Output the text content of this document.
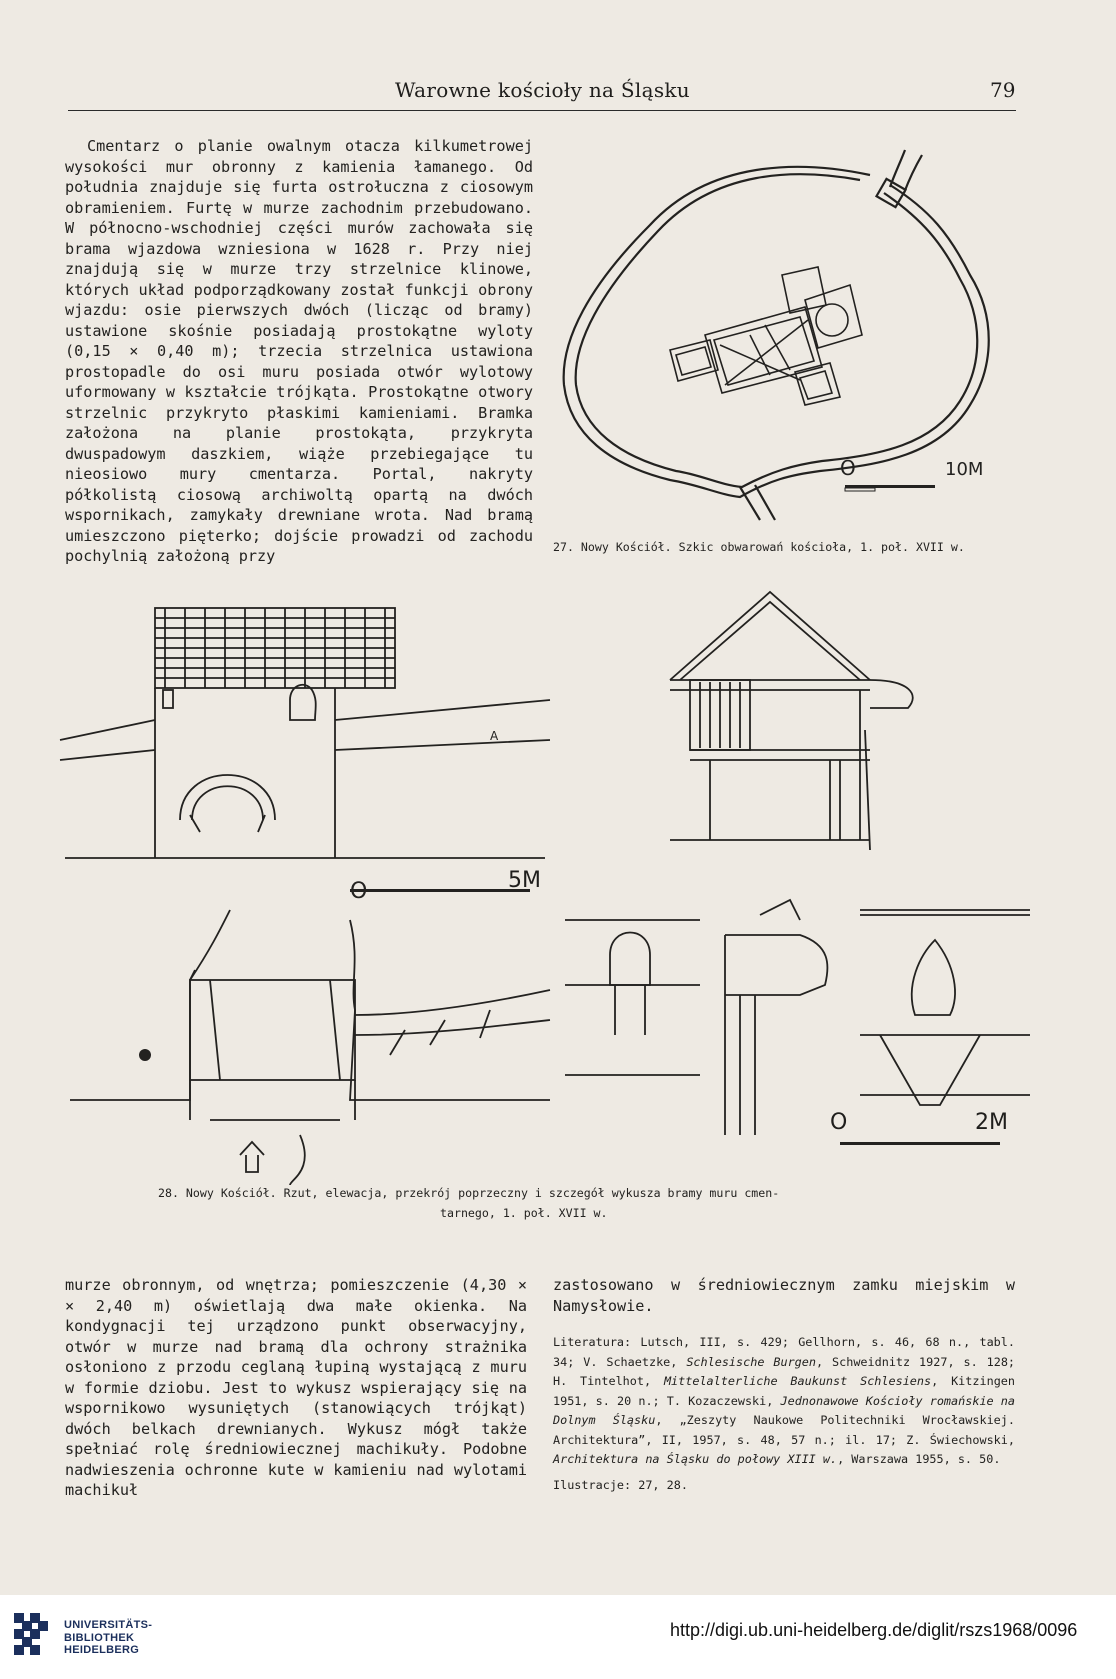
Warowne kościoły na Śląsku	79

Cmentarz o planie owalnym otacza kilkumetrowej wysokości mur obronny z kamienia łamanego. Od południa znajduje się furta ostrołuczna z ciosowym obramieniem. Furtę w murze zachodnim przebudowano. W północno-wschodniej części murów zachowała się brama wjazdowa wzniesiona w 1628 r. Przy niej znajdują się w murze trzy strzelnice klinowe, których układ podporządkowany został funkcji obrony wjazdu: osie pierwszych dwóch (licząc od bramy) ustawione skośnie posiadają prostokątne wyloty (0,15 × 0,40 m); trzecia strzelnica ustawiona prostopadle do osi muru posiada otwór wylotowy uformowany w kształcie trójkąta. Prostokątne otwory strzelnic przykryto płaskimi kamieniami. Bramka założona na planie prostokąta, przykryta dwuspadowym daszkiem, wiąże przebiegające tu nieosiowo mury cmentarza. Portal, nakryty półkolistą ciosową archiwoltą opartą na dwóch wspornikach, zamykały drewniane wrota. Nad bramą umieszczono pięterko; dojście prowadzi od zachodu pochylnią założoną przy

O	10M
27. Nowy Kościół. Szkic obwarowań kościoła, 1. poł. XVII w.
A
5M
O	2M
28. Nowy Kościół. Rzut, elewacja, przekrój poprzeczny i szczegół wykusza bramy muru cmen-
tarnego, 1. poł. XVII w.

murze obronnym, od wnętrza; pomieszczenie (4,30 × × 2,40 m) oświetlają dwa małe okienka. Na kondygnacji tej urządzono punkt obserwacyjny, otwór w murze nad bramą dla ochrony strażnika osłoniono z przodu ceglaną łupiną wystającą z muru w formie dziobu. Jest to wykusz wspierający się na wspornikowo wysuniętych (stanowiących trójkąt) dwóch belkach drewnianych. Wykusz mógł także spełniać rolę średniowiecznej machikuły. Podobne nadwieszenia ochronne kute w kamieniu nad wylotami machikuł

zastosowano w średniowiecznym zamku miejskim w Namysłowie.

Literatura: Lutsch, III, s. 429; Gellhorn, s. 46, 68 n., tabl. 34; V. Schaetzke, Schlesische Burgen, Schweidnitz 1927, s. 128; H. Tintelhot, Mittelalterliche Baukunst Schlesiens, Kitzingen 1951, s. 20 n.; T. Kozaczewski, Jednonawowe Kościoły romańskie na Dolnym Śląsku, „Zeszyty Naukowe Politechniki Wrocławskiej. Architektura”, II, 1957, s. 48, 57 n.; il. 17; Z. Świechowski, Architektura na Śląsku do połowy XIII w., Warszawa 1955, s. 50.

Ilustracje: 27, 28.
UNIVERSITÄTS-
BIBLIOTHEK
HEIDELBERG
http://digi.ub.uni-heidelberg.de/diglit/rszs1968/0096
